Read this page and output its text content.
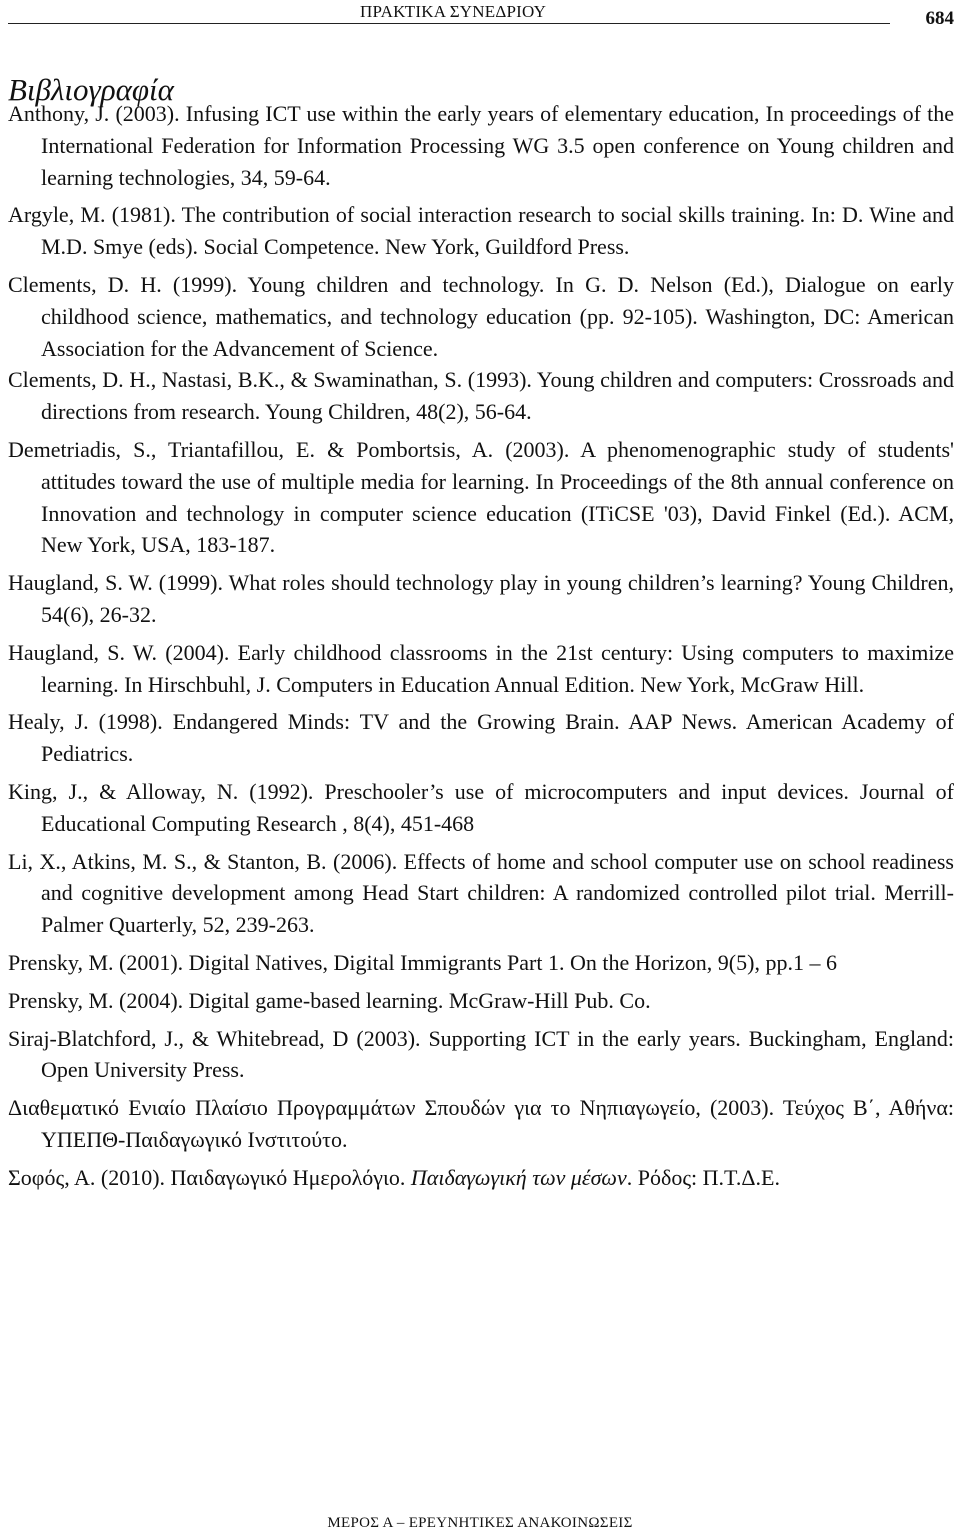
ΠΡΑΚΤΙΚΑ ΣΥΝΕΔΡΙΟΥ	684
Βιβλιογραφία

Anthony, J. (2003). Infusing ICT use within the early years of elementary education, In proceedings of the International Federation for Information Processing WG 3.5 open conference on Young children and learning technologies, 34, 59-64.

Argyle, M. (1981). The contribution of social interaction research to social skills training. In: D. Wine and M.D. Smye (eds). Social Competence. New York, Guildford Press.

Clements, D. H. (1999). Young children and technology. In G. D. Nelson (Ed.), Dialogue on early childhood science, mathematics, and technology education (pp. 92-105). Washington, DC: American Association for the Advancement of Science.

Clements, D. H., Nastasi, B.K., & Swaminathan, S. (1993). Young children and computers: Crossroads and directions from research. Young Children, 48(2), 56-64.

Demetriadis, S., Triantafillou, E. & Pombortsis, A. (2003). A phenomenographic study of students' attitudes toward the use of multiple media for learning. In Proceedings of the 8th annual conference on Innovation and technology in computer science education (ITiCSE '03), David Finkel (Ed.). ACM, New York, USA, 183-187.

Haugland, S. W. (1999). What roles should technology play in young children’s learning? Young Children, 54(6), 26-32.

Haugland, S. W. (2004). Early childhood classrooms in the 21st century: Using computers to maximize learning. In Hirschbuhl, J. Computers in Education Annual Edition. New York, McGraw Hill.

Healy, J. (1998). Endangered Minds: TV and the Growing Brain. AAP News. American Academy of Pediatrics.

King, J., & Alloway, N. (1992). Preschooler’s use of microcomputers and input devices. Journal of Educational Computing Research , 8(4), 451-468

Li, X., Atkins, M. S., & Stanton, B. (2006). Effects of home and school computer use on school readiness and cognitive development among Head Start children: A randomized controlled pilot trial. Merrill-Palmer Quarterly, 52, 239-263.

Prensky, M. (2001). Digital Natives, Digital Immigrants Part 1. On the Horizon, 9(5), pp.1 – 6

Prensky, M. (2004). Digital game-based learning. McGraw-Hill Pub. Co.

Siraj-Blatchford, J., & Whitebread, D (2003). Supporting ICT in the early years. Buckingham, England: Open University Press.

Διαθεματικό Ενιαίο Πλαίσιο Προγραμμάτων Σπουδών για το Νηπιαγωγείο, (2003). Τεύχος Β΄, Αθήνα: ΥΠΕΠΘ-Παιδαγωγικό Ινστιτούτο.

Σοφός, Α. (2010). Παιδαγωγικό Ημερολόγιο. Παιδαγωγική των μέσων. Ρόδος: Π.Τ.Δ.Ε.

ΜΕΡΟΣ Α – ΕΡΕΥΝΗΤΙΚΕΣ ΑΝΑΚΟΙΝΩΣΕΙΣ
